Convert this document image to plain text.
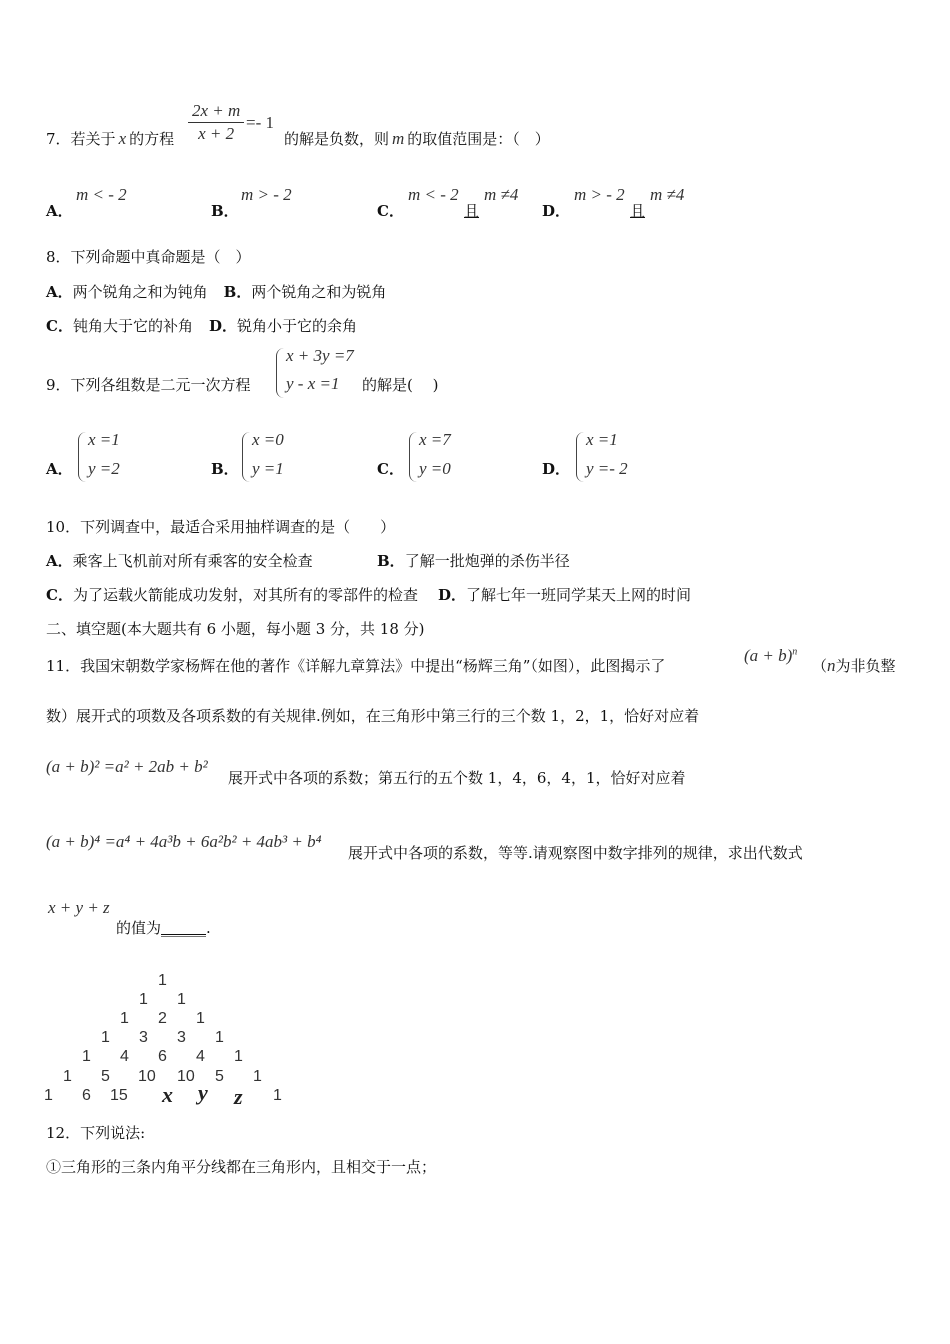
7．若关于 x 的方程 $\frac{2x + m}{x + 2} =- 1$
的解是负数，则 m 的取值范围是：（　）
A．
m < - 2
B．
m > - 2
C．
m < - 2
且
m ≠4
D．
m > - 2
且
m ≠4
8．下列命题中真命题是（　）
A．两个锐角之和为钝角 B．两个锐角之和为锐角
C．钝角大于它的补角 D．锐角小于它的余角
9．下列各组数是二元一次方程
x + 3y =7
y - x =1 的解是(　 )
A．
x =1
y =2	B．
x =0
y =1	C．
x =7
y =0	D．
x =1
y =- 2
10．下列调查中，最适合采用抽样调查的是（　　）
A．乘客上飞机前对所有乘客的安全检查	B．了解一批炮弹的杀伤半径
C．为了运载火箭能成功发射，对其所有的零部件的检查 D．了解七年一班同学某天上网的时间
二、填空题(本大题共有 6 小题，每小题 3 分，共 18 分)
11．我国宋朝数学家杨辉在他的著作《详解九章算法》中提出“杨辉三角”（如图），此图揭示了
$(a + b)^n$
（n为非负整
数）展开式的项数及各项系数的有关规律.例如，在三角形中第三行的三个数 1，2，1，恰好对应着
(a + b)² =a² + 2ab + b²
展开式中各项的系数；第五行的五个数 1，4，6，4，1，恰好对应着
(a + b)⁴ =a⁴ + 4a³b + 6a²b² + 4ab³ + b⁴
展开式中各项的系数，等等.请观察图中数字排列的规律，求出代数式
x + y + z
的值为______.
1
1 1
1 2 1
1 3 3 1
1 4 6 4 1
1 5 10 10 5 1
1 6 15 x y z 1
12．下列说法:
①三角形的三条内角平分线都在三角形内，且相交于一点；
